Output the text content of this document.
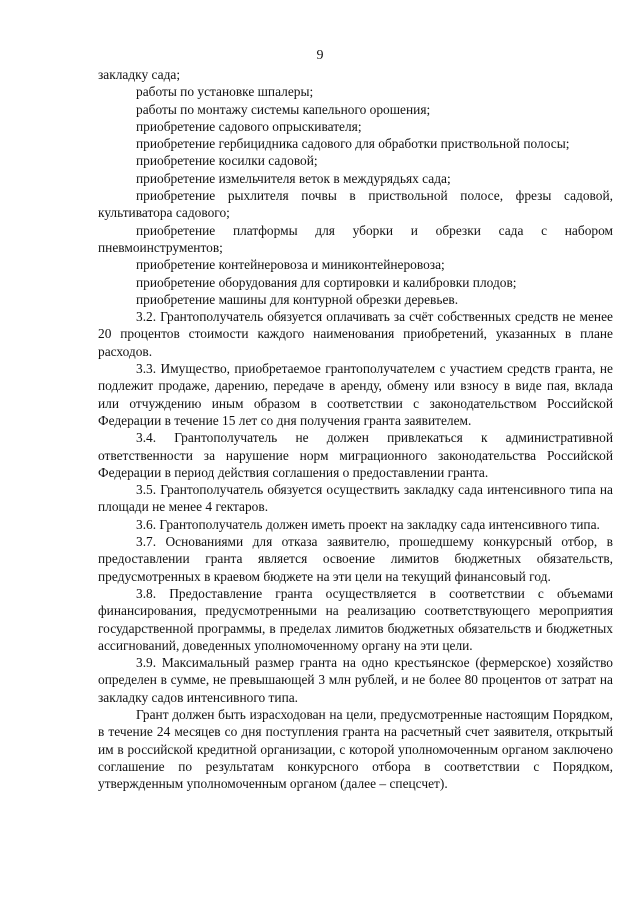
9

закладку сада;

работы по установке шпалеры;

работы по монтажу системы капельного орошения;

приобретение садового опрыскивателя;

приобретение гербицидника садового для обработки приствольной полосы;

приобретение косилки садовой;

приобретение измельчителя веток в междурядьях сада;

приобретение рыхлителя почвы в приствольной полосе, фрезы садовой, культиватора садового;

приобретение платформы для уборки и обрезки сада с набором пневмоинструментов;

приобретение контейнеровоза и миниконтейнеровоза;

приобретение оборудования для сортировки и калибровки плодов;

приобретение машины для контурной обрезки деревьев.

3.2. Грантополучатель обязуется оплачивать за счёт собственных средств не менее 20 процентов стоимости каждого наименования приобретений, указанных в плане расходов.

3.3. Имущество, приобретаемое грантополучателем с участием средств гранта, не подлежит продаже, дарению, передаче в аренду, обмену или взносу в виде пая, вклада или отчуждению иным образом в соответствии с законодательством Российской Федерации в течение 15 лет со дня получения гранта заявителем.

3.4. Грантополучатель не должен привлекаться к административной ответственности за нарушение норм миграционного законодательства Российской Федерации в период действия соглашения о предоставлении гранта.

3.5. Грантополучатель обязуется осуществить закладку сада интенсивного типа на площади не менее 4 гектаров.

3.6. Грантополучатель должен иметь проект на закладку сада интенсивного типа.

3.7. Основаниями для отказа заявителю, прошедшему конкурсный отбор, в предоставлении гранта является освоение лимитов бюджетных обязательств, предусмотренных в краевом бюджете на эти цели на текущий финансовый год.

3.8. Предоставление гранта осуществляется в соответствии с объемами финансирования, предусмотренными на реализацию соответствующего мероприятия государственной программы, в пределах лимитов бюджетных обязательств и бюджетных ассигнований, доведенных уполномоченному органу на эти цели.

3.9. Максимальный размер гранта на одно крестьянское (фермерское) хозяйство определен в сумме, не превышающей 3 млн рублей, и не более 80 процентов от затрат на закладку садов интенсивного типа.

Грант должен быть израсходован на цели, предусмотренные настоящим Порядком, в течение 24 месяцев со дня поступления гранта на расчетный счет заявителя, открытый им в российской кредитной организации, с которой уполномоченным органом заключено соглашение по результатам конкурсного отбора в соответствии с Порядком, утвержденным уполномоченным органом (далее – спецсчет).
